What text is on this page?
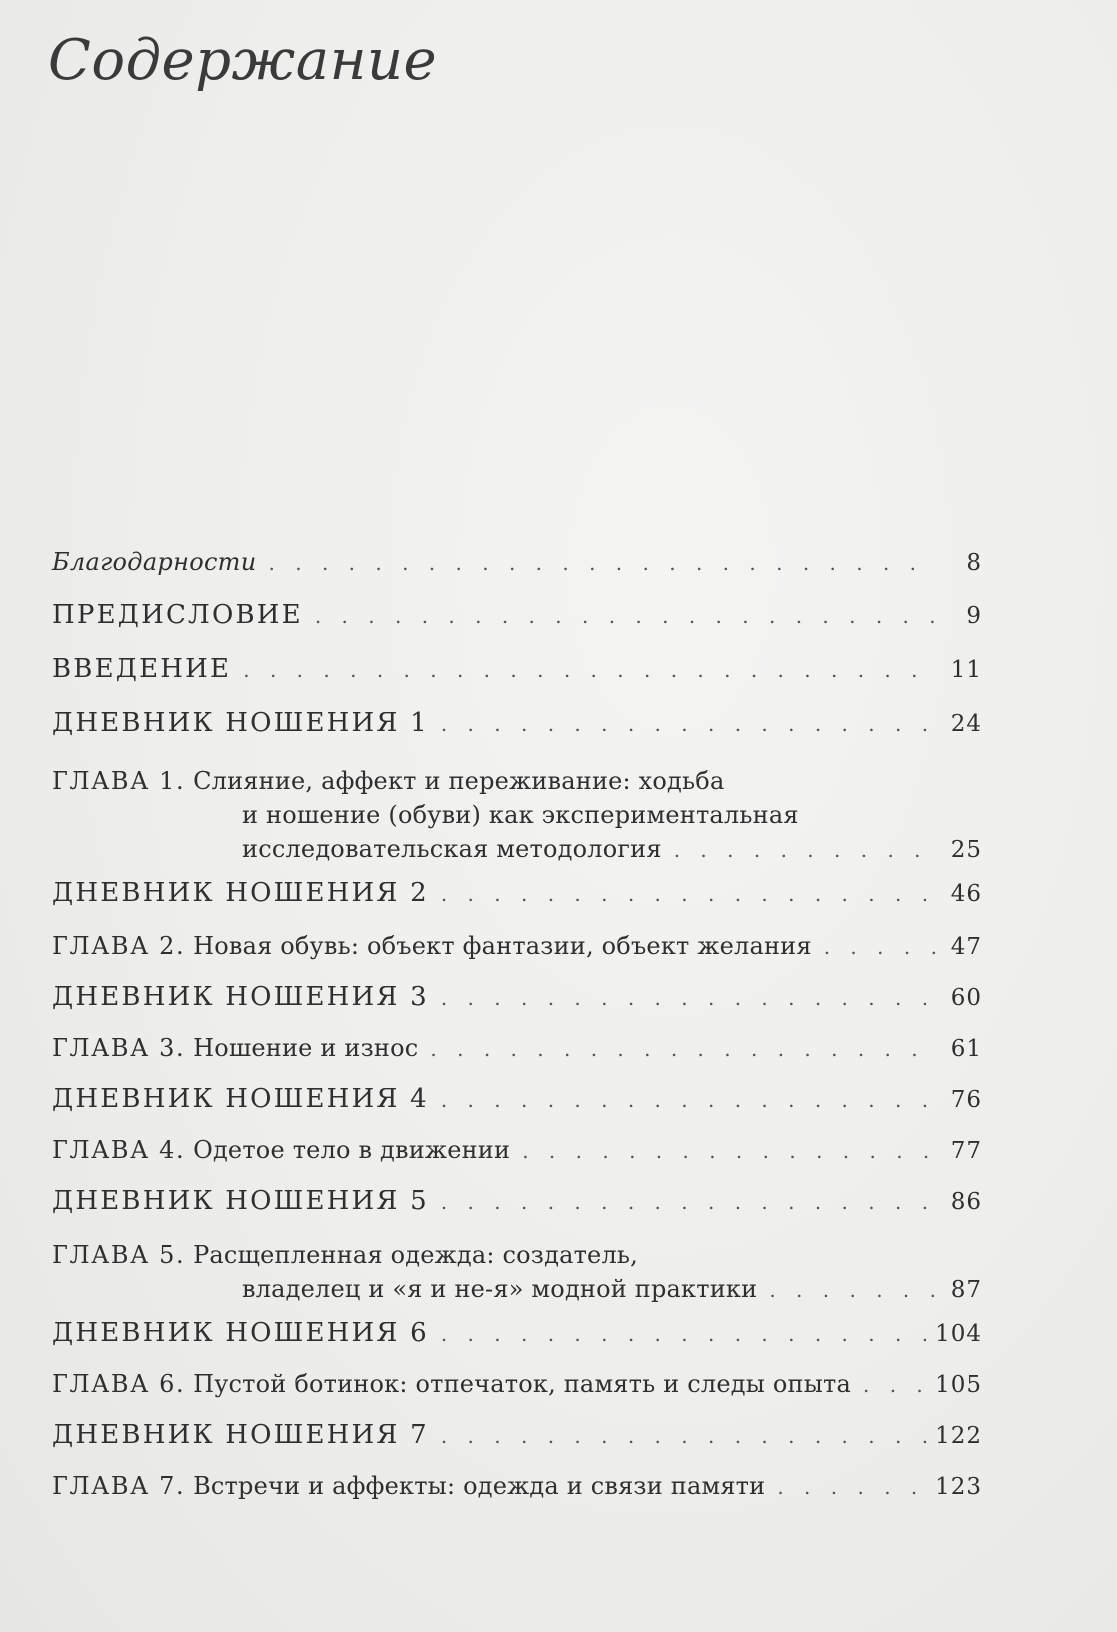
Содержание
Благодарности . . .	8
ПРЕДИСЛОВИЕ . . .	9
ВВЕДЕНИЕ . . .	11
ДНЕВНИК НОШЕНИЯ 1 . . .	24
ГЛАВА 1. Слияние, аффект и переживание: ходьба
и ношение (обуви) как экспериментальная
исследовательская методология . . .	25
ДНЕВНИК НОШЕНИЯ 2 . . .	46
ГЛАВА 2. Новая обувь: объект фантазии, объект желания . . .	47
ДНЕВНИК НОШЕНИЯ 3 . . .	60
ГЛАВА 3. Ношение и износ . . .	61
ДНЕВНИК НОШЕНИЯ 4 . . .	76
ГЛАВА 4. Одетое тело в движении . . .	77
ДНЕВНИК НОШЕНИЯ 5 . . .	86
ГЛАВА 5. Расщепленная одежда: создатель,
владелец и «я и не-я» модной практики . . .	87
ДНЕВНИК НОШЕНИЯ 6 . . .	104
ГЛАВА 6. Пустой ботинок: отпечаток, память и следы опыта . . .	105
ДНЕВНИК НОШЕНИЯ 7 . . .	122
ГЛАВА 7. Встречи и аффекты: одежда и связи памяти . . .	123
